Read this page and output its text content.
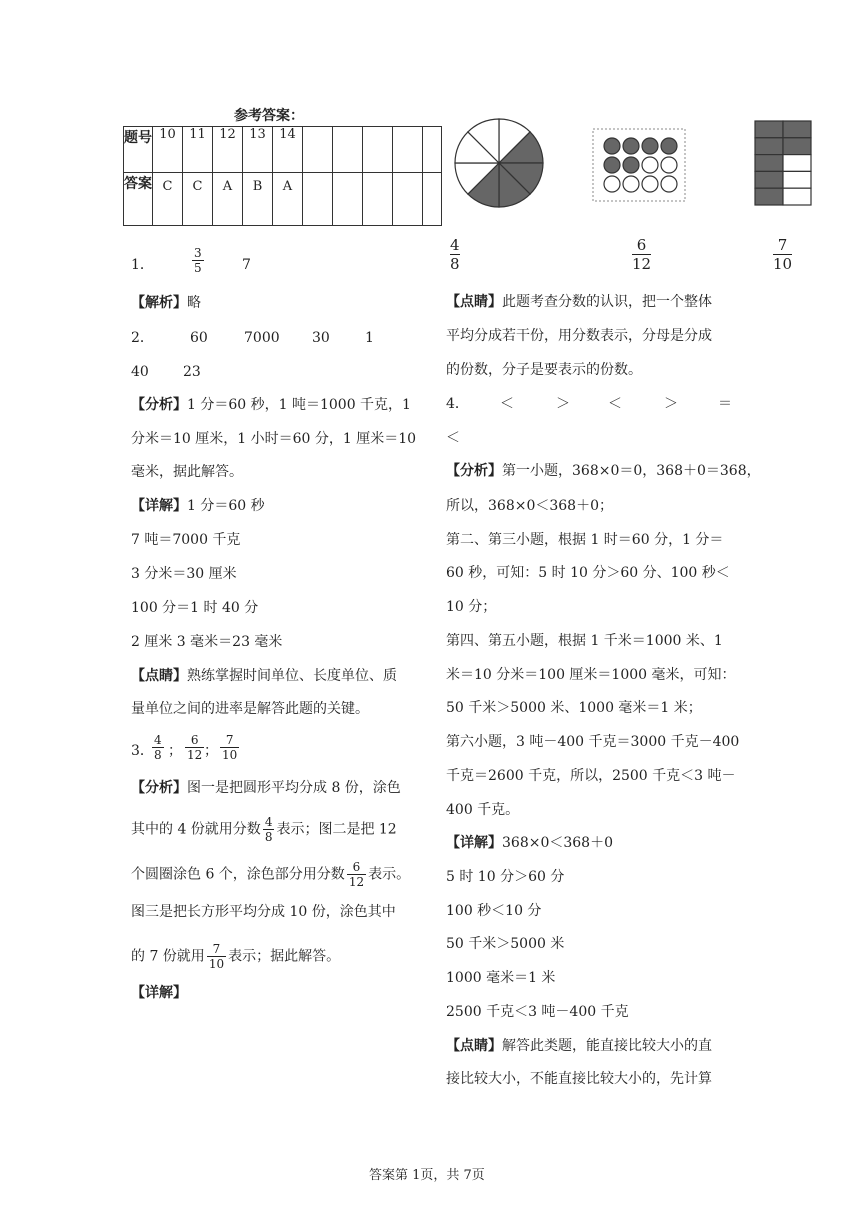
参考答案：
题号	10	11	12	13	14					
答案	C	C	A	B	A					
1．	$\frac{3}{5}$	7
【解析】略
2．	60	7000 30	1
40 23
【分析】1 分＝60 秒，1 吨＝1000 千克，1
分米＝10 厘米，1 小时＝60 分，1 厘米＝10
毫米，据此解答。
【详解】1 分＝60 秒
7 吨＝7000 千克
3 分米＝30 厘米
100 分＝1 时 40 分
2 厘米 3 毫米＝23 毫米
【点睛】熟练掌握时间单位、长度单位、质
量单位之间的进率是解答此题的关键。
3．
$\frac{4}{8}$ ； $\frac{6}{12}$ ； $\frac{7}{10}$
【分析】图一是把圆形平均分成 8 份，涂色
其中的 4 份就用分数 $\frac{4}{8}$ 表示；图二是把 12
个圆圈涂色 6 个，涂色部分用分数 $\frac{6}{12}$ 表示。
图三是把长方形平均分成 10 份，涂色其中
的 7 份就用 $\frac{7}{10}$ 表示；据此解答。
【详解】
$\frac{4}{8}$	$\frac{6}{12}$	$\frac{7}{10}$
【点睛】此题考查分数的认识，把一个整体
平均分成若干份，用分数表示，分母是分成
的份数，分子是要表示的份数。
4． ＜	＞	＜	＞	＝
＜
【分析】第一小题，368×0＝0，368＋0＝368，
所以，368×0＜368＋0；
第二、第三小题，根据 1 时＝60 分，1 分＝
60 秒，可知：5 时 10 分＞60 分、100 秒＜
10 分；
第四、第五小题，根据 1 千米＝1000 米、1
米＝10 分米＝100 厘米＝1000 毫米，可知：
50 千米＞5000 米、1000 毫米＝1 米；
第六小题，3 吨－400 千克＝3000 千克－400
千克＝2600 千克，所以，2500 千克＜3 吨－
400 千克。
【详解】368×0＜368＋0
5 时 10 分＞60 分
100 秒＜10 分
50 千米＞5000 米
1000 毫米＝1 米
2500 千克＜3 吨－400 千克
【点睛】解答此类题，能直接比较大小的直
接比较大小，不能直接比较大小的，先计算
答案第 1页，共 7页
